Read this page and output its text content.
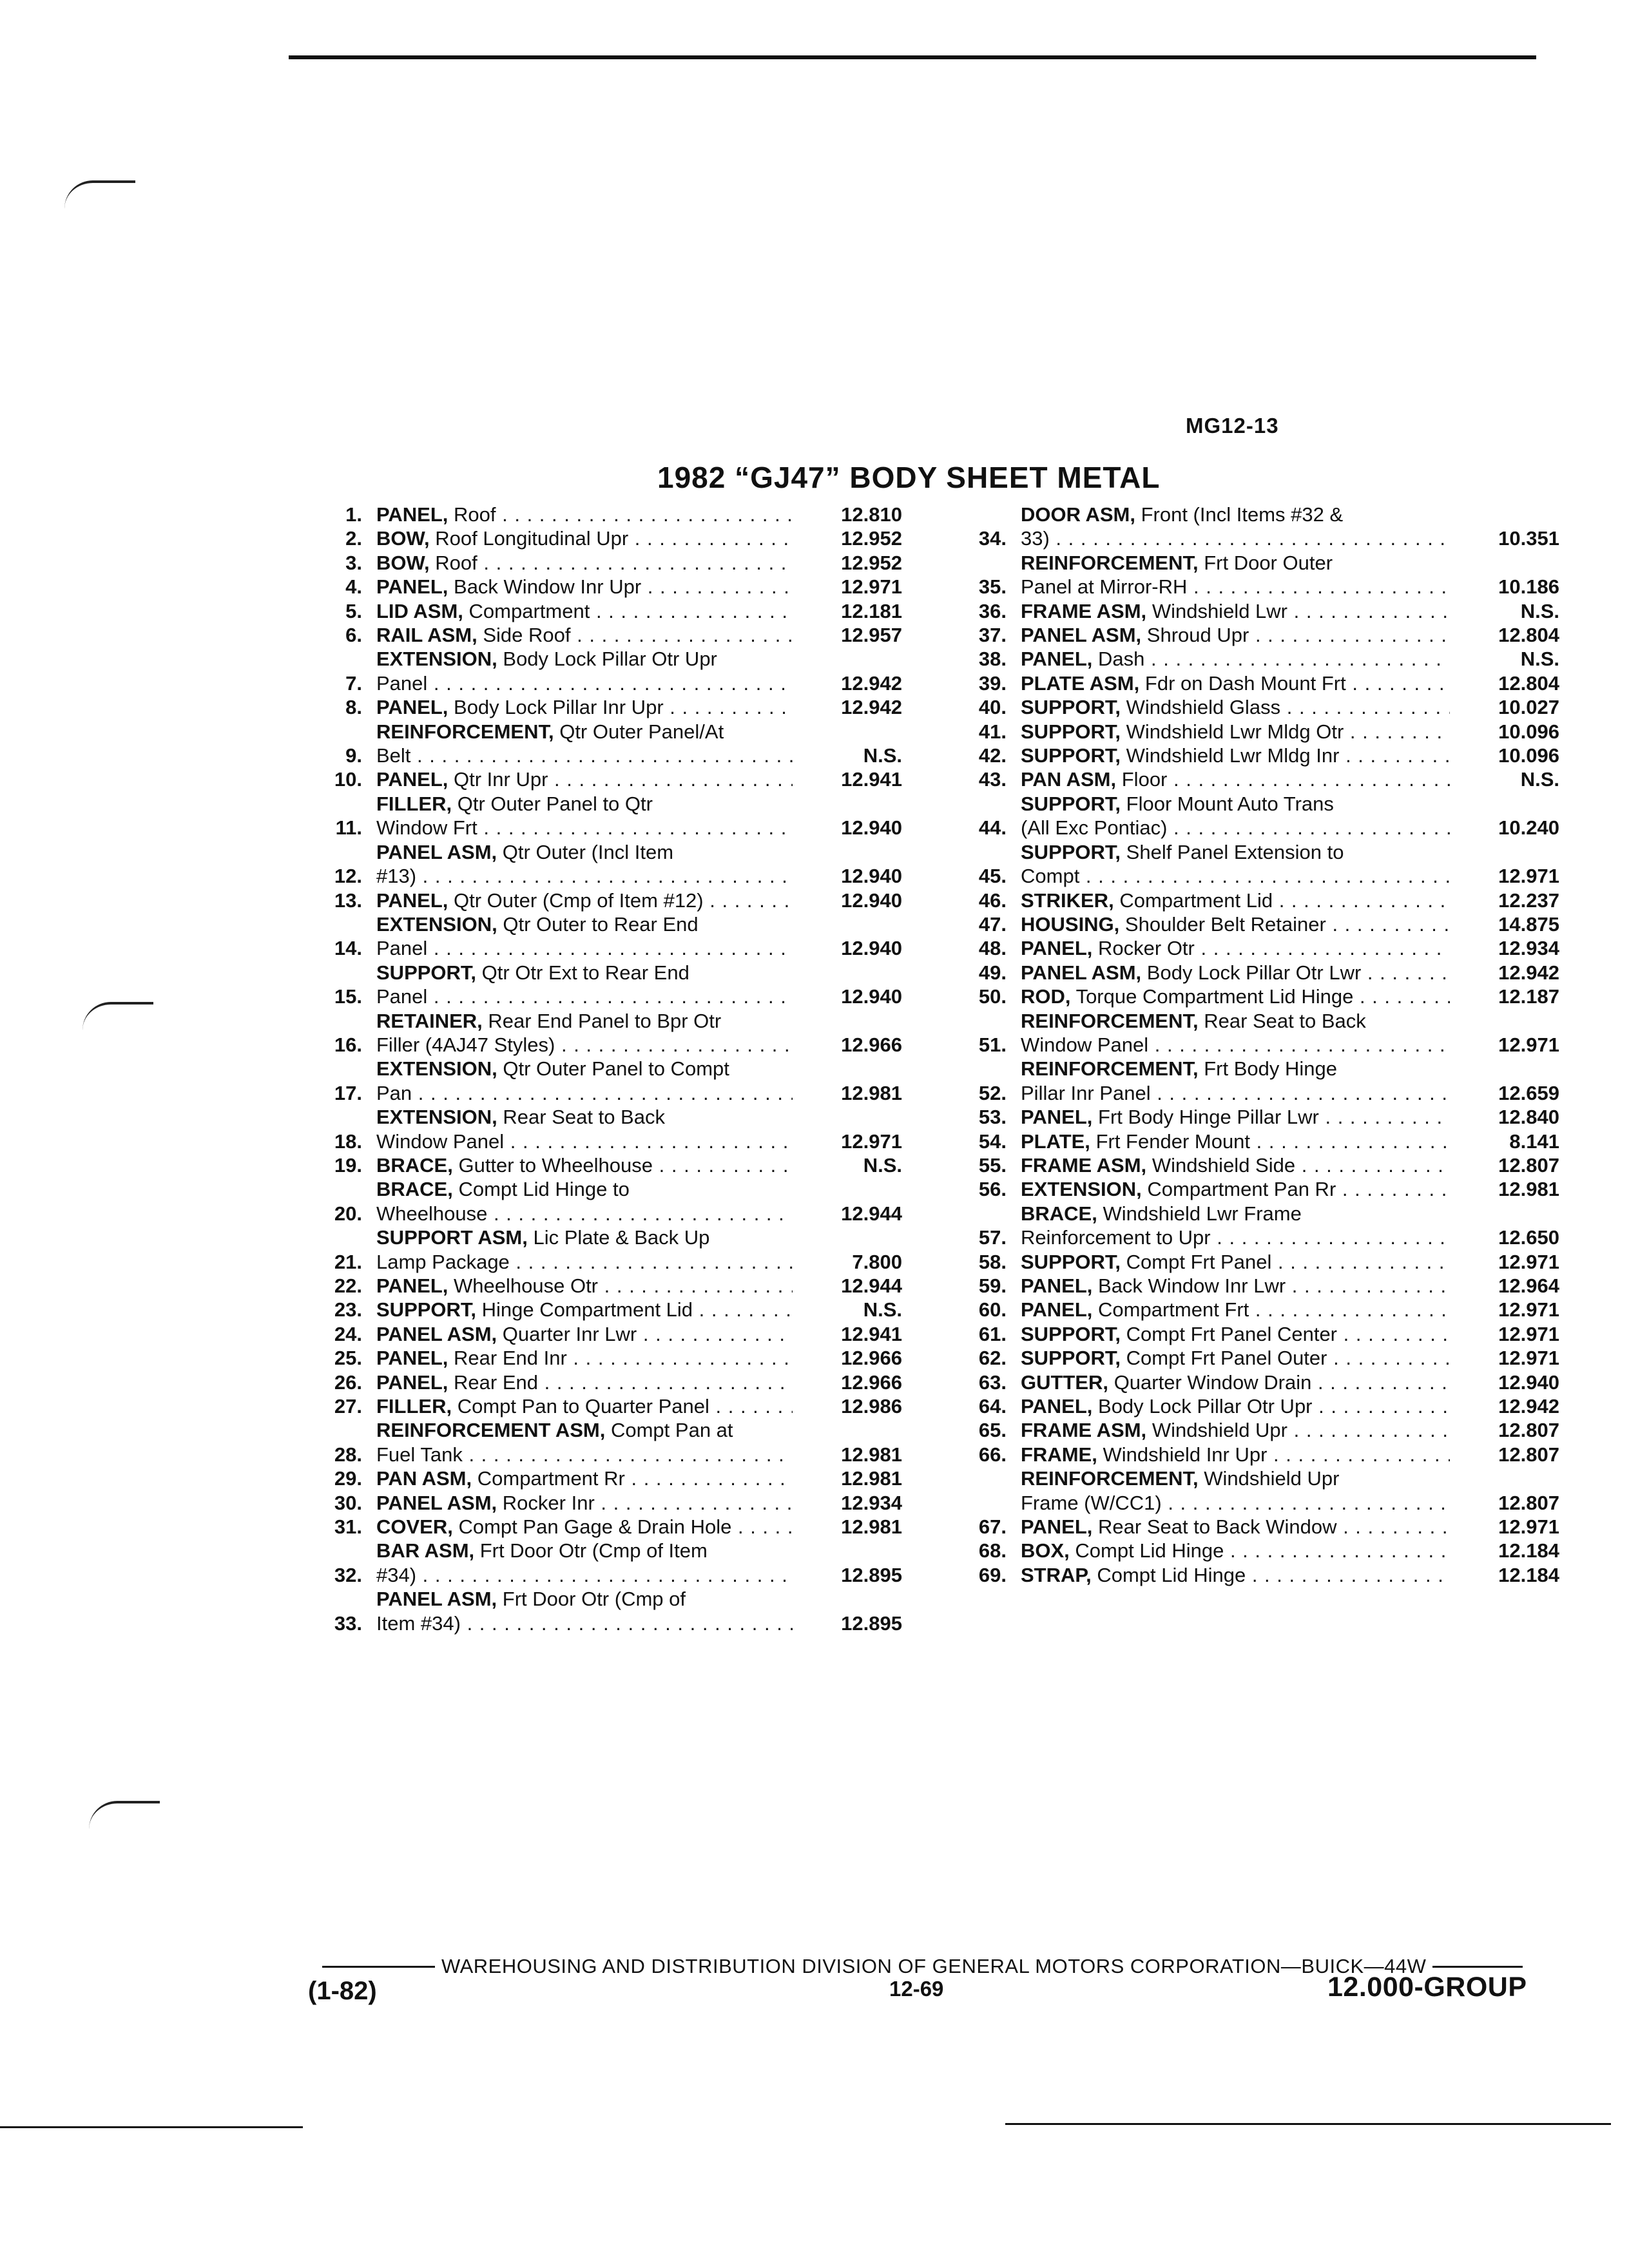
MG12-13
1982 “GJ47” BODY SHEET METAL
1. PANEL, Roof . . .	12.810
2. BOW, Roof Longitudinal Upr . . .	12.952
3. BOW, Roof . . .	12.952
4. PANEL, Back Window Inr Upr . . .	12.971
5. LID ASM, Compartment . . .	12.181
6. RAIL ASM, Side Roof . . .	12.957
7.
EXTENSION, Body Lock Pillar Otr Upr
Panel . . .	12.942
8. PANEL, Body Lock Pillar Inr Upr . . .	12.942
9.
REINFORCEMENT, Qtr Outer Panel/At
Belt . . .	N.S.
10. PANEL, Qtr Inr Upr . . .	12.941
11.
FILLER, Qtr Outer Panel to Qtr
Window Frt . . .	12.940
12.
PANEL ASM, Qtr Outer (Incl Item
#13) . . .	12.940
13. PANEL, Qtr Outer (Cmp of Item #12) . . .	12.940
14.
EXTENSION, Qtr Outer to Rear End
Panel . . .	12.940
15.
SUPPORT, Qtr Otr Ext to Rear End
Panel . . .	12.940
16.
RETAINER, Rear End Panel to Bpr Otr
Filler (4AJ47 Styles) . . .	12.966
17.
EXTENSION, Qtr Outer Panel to Compt
Pan . . .	12.981
18.
EXTENSION, Rear Seat to Back
Window Panel . . .	12.971
19. BRACE, Gutter to Wheelhouse . . .	N.S.
20.
BRACE, Compt Lid Hinge to
Wheelhouse . . .	12.944
21.
SUPPORT ASM, Lic Plate & Back Up
Lamp Package . . .	7.800
22. PANEL, Wheelhouse Otr . . .	12.944
23. SUPPORT, Hinge Compartment Lid . . .	N.S.
24. PANEL ASM, Quarter Inr Lwr . . .	12.941
25. PANEL, Rear End Inr . . .	12.966
26. PANEL, Rear End . . .	12.966
27. FILLER, Compt Pan to Quarter Panel . . .	12.986
28.
REINFORCEMENT ASM, Compt Pan at
Fuel Tank . . .	12.981
29. PAN ASM, Compartment Rr . . .	12.981
30. PANEL ASM, Rocker Inr . . .	12.934
31. COVER, Compt Pan Gage & Drain Hole . . .	12.981
32.
BAR ASM, Frt Door Otr (Cmp of Item
#34) . . .	12.895
33.
PANEL ASM, Frt Door Otr (Cmp of
Item #34) . . .	12.895
34.
DOOR ASM, Front (Incl Items #32 &
33) . . .	10.351
35.
REINFORCEMENT, Frt Door Outer
Panel at Mirror-RH . . .	10.186
36. FRAME ASM, Windshield Lwr . . .	N.S.
37. PANEL ASM, Shroud Upr . . .	12.804
38. PANEL, Dash . . .	N.S.
39. PLATE ASM, Fdr on Dash Mount Frt . . .	12.804
40. SUPPORT, Windshield Glass . . .	10.027
41. SUPPORT, Windshield Lwr Mldg Otr . . .	10.096
42. SUPPORT, Windshield Lwr Mldg Inr . . .	10.096
43. PAN ASM, Floor . . .	N.S.
44.
SUPPORT, Floor Mount Auto Trans
(All Exc Pontiac) . . .	10.240
45.
SUPPORT, Shelf Panel Extension to
Compt . . .	12.971
46. STRIKER, Compartment Lid . . .	12.237
47. HOUSING, Shoulder Belt Retainer . . .	14.875
48. PANEL, Rocker Otr . . .	12.934
49. PANEL ASM, Body Lock Pillar Otr Lwr . . .	12.942
50. ROD, Torque Compartment Lid Hinge . . .	12.187
51.
REINFORCEMENT, Rear Seat to Back
Window Panel . . .	12.971
52.
REINFORCEMENT, Frt Body Hinge
Pillar Inr Panel . . .	12.659
53. PANEL, Frt Body Hinge Pillar Lwr . . .	12.840
54. PLATE, Frt Fender Mount . . .	8.141
55. FRAME ASM, Windshield Side . . .	12.807
56. EXTENSION, Compartment Pan Rr . . .	12.981
57.
BRACE, Windshield Lwr Frame
Reinforcement to Upr . . .	12.650
58. SUPPORT, Compt Frt Panel . . .	12.971
59. PANEL, Back Window Inr Lwr . . .	12.964
60. PANEL, Compartment Frt . . .	12.971
61. SUPPORT, Compt Frt Panel Center . . .	12.971
62. SUPPORT, Compt Frt Panel Outer . . .	12.971
63. GUTTER, Quarter Window Drain . . .	12.940
64. PANEL, Body Lock Pillar Otr Upr . . .	12.942
65. FRAME ASM, Windshield Upr . . .	12.807
66. FRAME, Windshield Inr Upr . . .	12.807
REINFORCEMENT, Windshield Upr
Frame (W/CC1) . . .	12.807
67. PANEL, Rear Seat to Back Window . . .	12.971
68. BOX, Compt Lid Hinge . . .	12.184
69. STRAP, Compt Lid Hinge . . .	12.184
WAREHOUSING AND DISTRIBUTION DIVISION OF GENERAL MOTORS CORPORATION—BUICK—44W
(1-82)	12-69	12.000-GROUP
